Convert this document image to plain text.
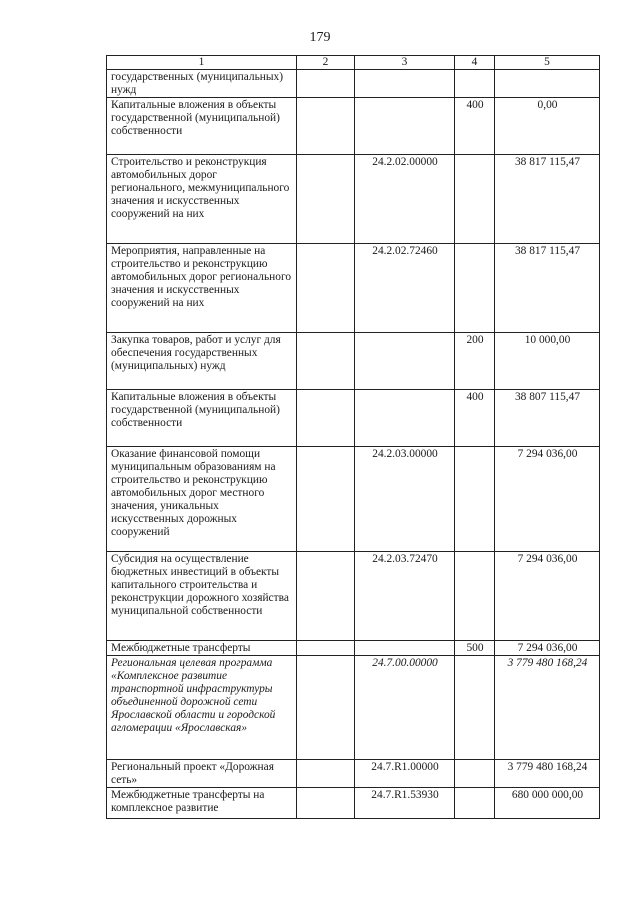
179
1	2	3	4	5
государственных (муниципальных) нужд				
Капитальные вложения в объекты государственной (муниципальной) собственности			400	0,00
Строительство и реконструкция автомобильных дорог регионального, межмуниципального значения и искусственных сооружений на них		24.2.02.00000		38 817 115,47
Мероприятия, направленные на строительство и реконструкцию автомобильных дорог регионального значения и искусственных сооружений на них		24.2.02.72460		38 817 115,47
Закупка товаров, работ и услуг для обеспечения государственных (муниципальных) нужд			200	10 000,00
Капитальные вложения в объекты государственной (муниципальной) собственности			400	38 807 115,47
Оказание финансовой помощи муниципальным образованиям на строительство и реконструкцию автомобильных дорог местного значения, уникальных искусственных дорожных сооружений		24.2.03.00000		7 294 036,00
Субсидия на осуществление бюджетных инвестиций в объекты капитального строительства и реконструкции дорожного хозяйства муниципальной собственности		24.2.03.72470		7 294 036,00
Межбюджетные трансферты			500	7 294 036,00
Региональная целевая программа «Комплексное развитие транспортной инфраструктуры объединенной дорожной сети Ярославской области и городской агломерации «Ярославская»		24.7.00.00000		3 779 480 168,24
Региональный проект «Дорожная сеть»		24.7.R1.00000		3 779 480 168,24
Межбюджетные трансферты на комплексное развитие		24.7.R1.53930		680 000 000,00
